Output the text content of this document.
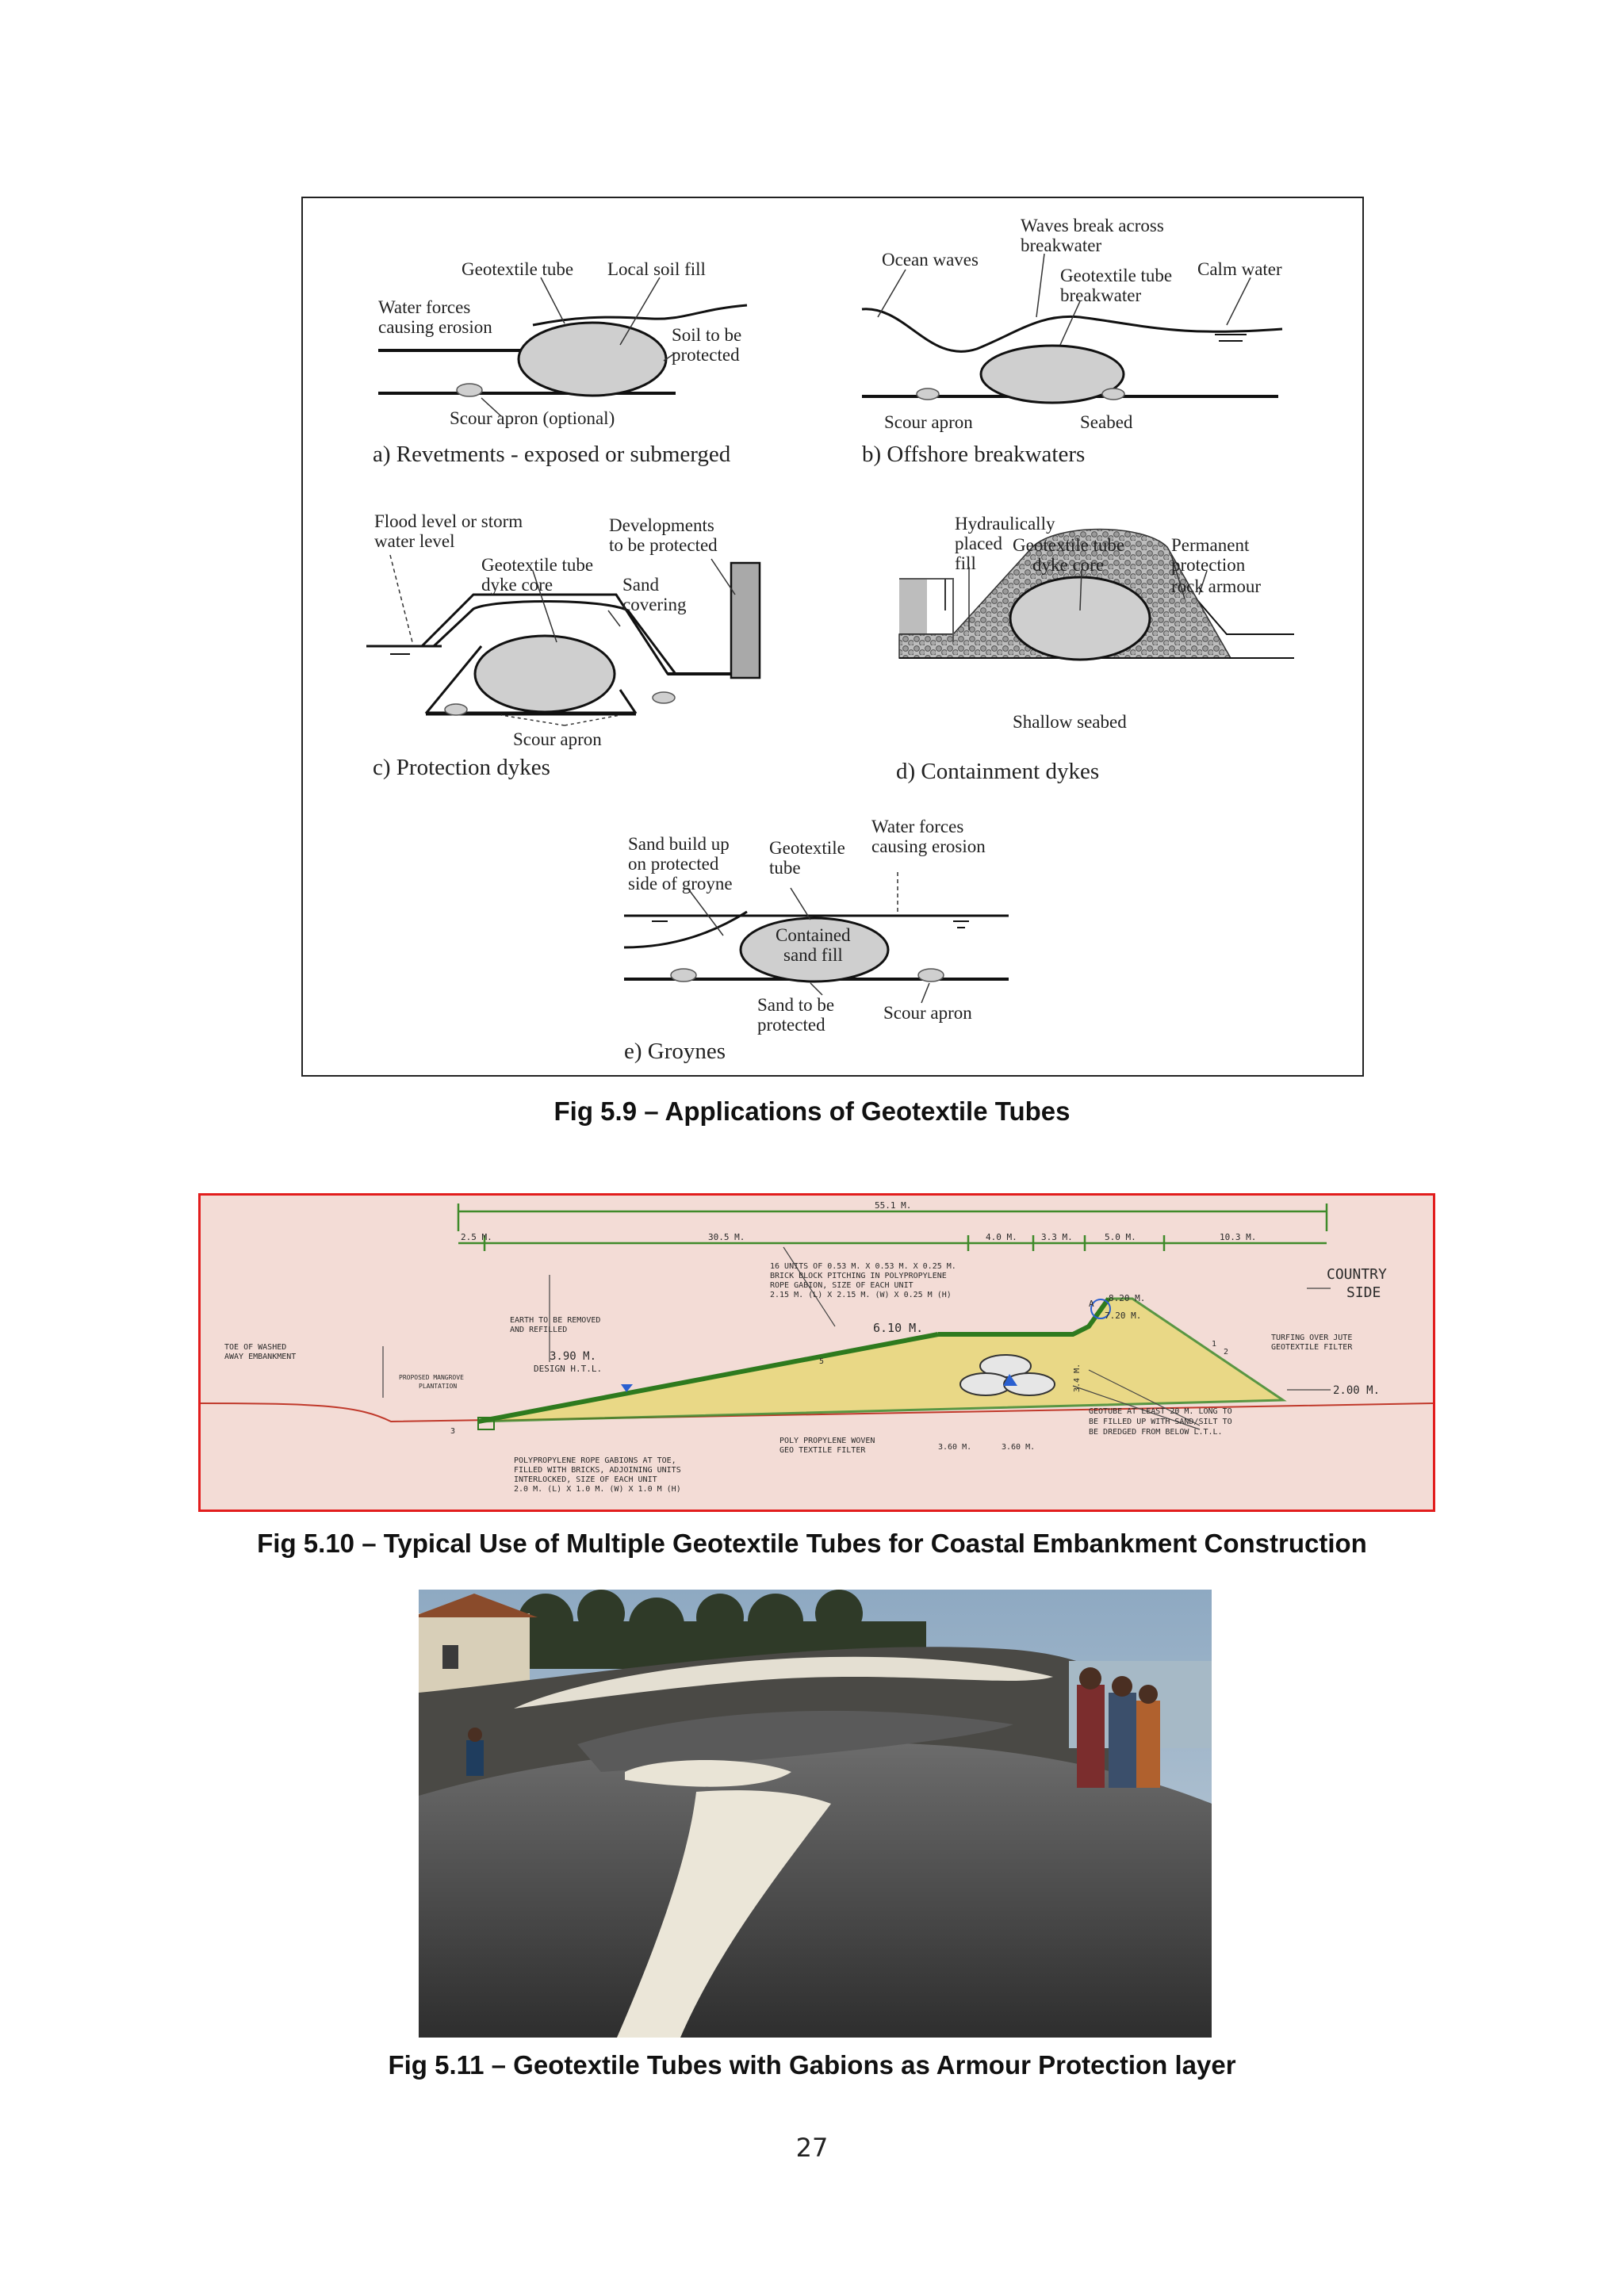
Geotextile tube Local soil fill
Water forces
causing erosion	Soil to be
protected
Scour apron (optional)
a) Revetments - exposed or submerged
Waves break across
breakwater
Ocean waves
Geotextile tube
breakwater
Calm water
Scour apron	Seabed
b) Offshore breakwaters
Flood level or storm
water level
Developments
to be protected
Geotextile tube
dyke core	Sand
covering
Scour apron
c) Protection dykes
Hydraulically
placed
fill
Geotextile tube
dyke core
Permanent
protection
rock armour
Shallow seabed
d) Containment dykes
Sand build up
on protected
side of groyne
Geotextile
tube
Water forces
causing erosion
Contained
sand fill
Sand to be
protected
Scour apron
e) Groynes
Fig 5.9 – Applications of Geotextile Tubes
55.1 M.
2.5 M.	30.5 M.	4.0 M.	3.3 M.	5.0 M.	10.3 M.
COUNTRY
SIDE
16 UNITS OF 0.53 M. X 0.53 M. X 0.25 M.
BRICK BLOCK PITCHING IN POLYPROPYLENE
ROPE GABION, SIZE OF EACH UNIT
2.15 M. (L) X 2.15 M. (W) X 0.25 M (H)
6.10 M.
A
8.20 M.
7.20 M.
EARTH TO BE REMOVED
AND REFILLED
3.90 M.
DESIGN H.T.L.
TOE OF WASHED
AWAY EMBANKMENT
PROPOSED MANGROVE
PLANTATION
TURFING OVER JUTE
GEOTEXTILE FILTER
2.00 M.
3.4 M.
GEOTUBE AT LEAST 20 M. LONG TO
BE FILLED UP WITH SAND/SILT TO
BE DREDGED FROM BELOW L.T.L.
POLY PROPYLENE WOVEN
GEO TEXTILE FILTER	3.60 M.	3.60 M.
POLYPROPYLENE ROPE GABIONS AT TOE,
FILLED WITH BRICKS, ADJOINING UNITS
INTERLOCKED, SIZE OF EACH UNIT
2.0 M. (L) X 1.0 M. (W) X 1.0 M (H)
1
2
3
5
Fig 5.10 – Typical Use of Multiple Geotextile Tubes for Coastal Embankment Construction
Fig 5.11 – Geotextile Tubes with Gabions as Armour Protection layer
27
